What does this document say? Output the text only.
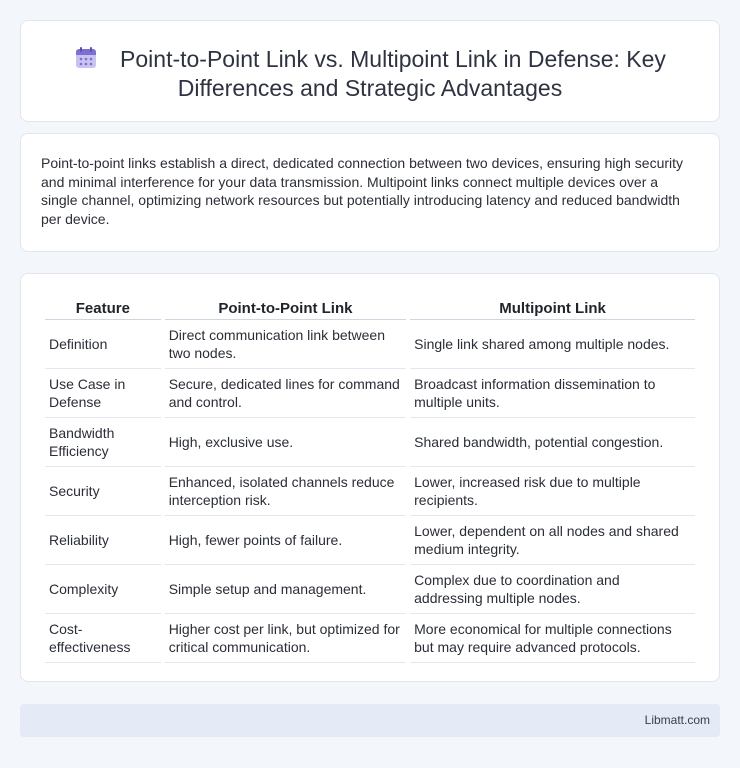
Point-to-Point Link vs. Multipoint Link in Defense: Key
Differences and Strategic Advantages

Point-to-point links establish a direct, dedicated connection between two devices, ensuring high security and minimal interference for your data transmission. Multipoint links connect multiple devices over a single channel, optimizing network resources but potentially introducing latency and reduced bandwidth per device.

Feature	Point-to-Point Link	Multipoint Link
Definition	Direct communication link between two nodes.	Single link shared among multiple nodes.
Use Case in Defense	Secure, dedicated lines for command and control.	Broadcast information dissemination to multiple units.
Bandwidth Efficiency	High, exclusive use.	Shared bandwidth, potential congestion.
Security	Enhanced, isolated channels reduce interception risk.	Lower, increased risk due to multiple recipients.
Reliability	High, fewer points of failure.	Lower, dependent on all nodes and shared medium integrity.
Complexity	Simple setup and management.	Complex due to coordination and addressing multiple nodes.
Cost-effectiveness	Higher cost per link, but optimized for critical communication.	More economical for multiple connections but may require advanced protocols.
Libmatt.com
